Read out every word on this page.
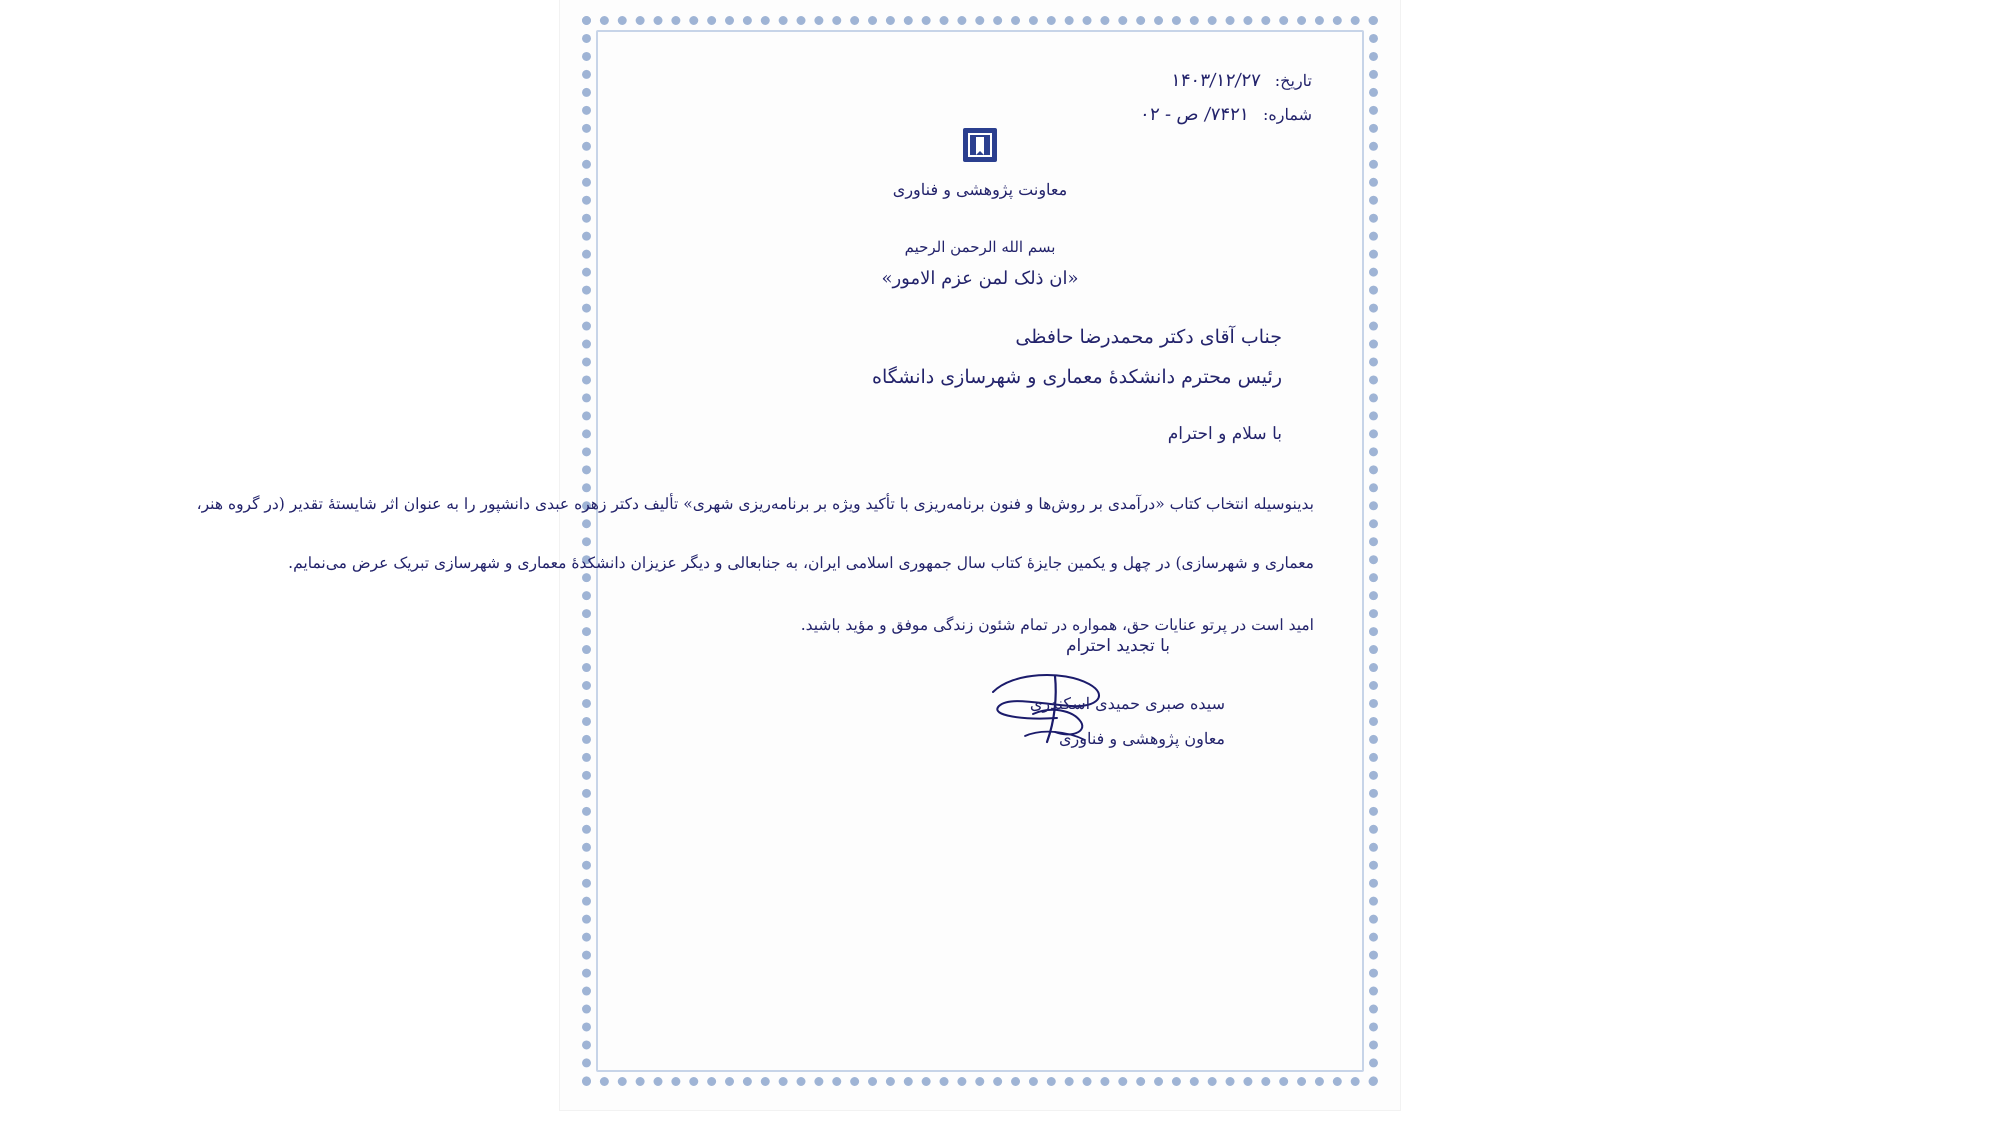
تاریخ:
۱۴۰۳/۱۲/۲۷
شماره:
۷۴۲۱/ ص - ۰۲
معاونت پژوهشی و فناوری
بسم الله الرحمن الرحیم
«ان ذلک لمن عزم الامور»
جناب آقای دکتر محمدرضا حافظی
رئیس محترم دانشکدهٔ معماری و شهرسازی دانشگاه
با سلام و احترام

بدینوسیله انتخاب کتاب «درآمدی بر روش‌ها و فنون برنامه‌ریزی با تأکید ویژه بر برنامه‌ریزی شهری» تألیف دکتر زهره عبدی دانشپور را به عنوان اثر شایستهٔ تقدیر (در گروه هنر،

معماری و شهرسازی) در چهل و یکمین جایزهٔ کتاب سال جمهوری اسلامی ایران، به جنابعالی و دیگر عزیزان دانشکدهٔ معماری و شهرسازی تبریک عرض می‌نمایم.

امید است در پرتو عنایات حق، همواره در تمام شئون زندگی موفق و مؤید باشید.

با تجدید احترام
سیده صبری حمیدی اسکندری
معاون پژوهشی و فناوری
